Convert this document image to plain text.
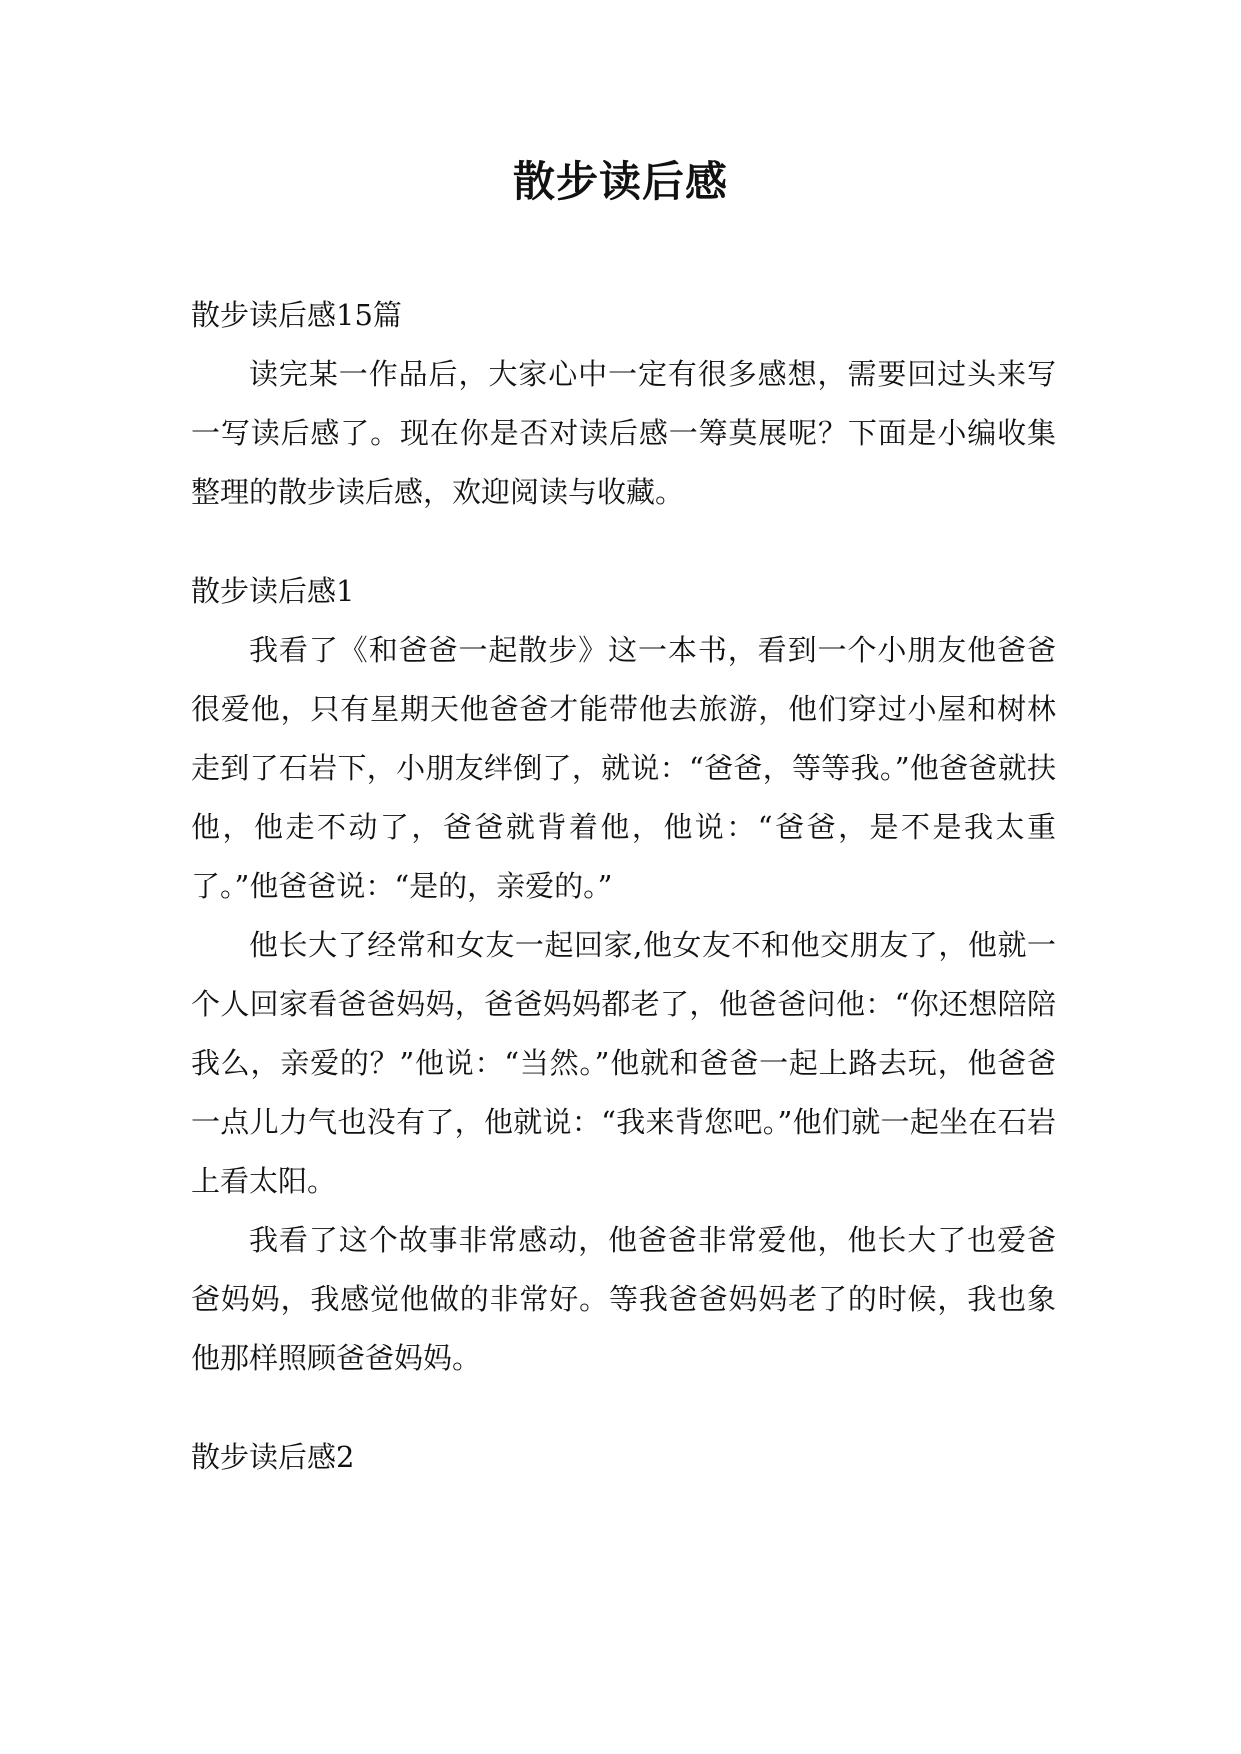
散步读后感
散步读后感15篇

读完某一作品后，大家心中一定有很多感想，需要回过头来写一写读后感了。现在你是否对读后感一筹莫展呢？下面是小编收集整理的散步读后感，欢迎阅读与收藏。

散步读后感1

我看了《和爸爸一起散步》这一本书，看到一个小朋友他爸爸很爱他，只有星期天他爸爸才能带他去旅游，他们穿过小屋和树林走到了石岩下，小朋友绊倒了，就说：“爸爸，等等我。”他爸爸就扶他，他走不动了，爸爸就背着他，他说：“爸爸，是不是我太重了。”他爸爸说：“是的，亲爱的。”

他长大了经常和女友一起回家,他女友不和他交朋友了，他就一个人回家看爸爸妈妈，爸爸妈妈都老了，他爸爸问他：“你还想陪陪我么，亲爱的？”他说：“当然。”他就和爸爸一起上路去玩，他爸爸一点儿力气也没有了，他就说：“我来背您吧。”他们就一起坐在石岩上看太阳。

我看了这个故事非常感动，他爸爸非常爱他，他长大了也爱爸爸妈妈，我感觉他做的非常好。等我爸爸妈妈老了的时候，我也象他那样照顾爸爸妈妈。

散步读后感2
